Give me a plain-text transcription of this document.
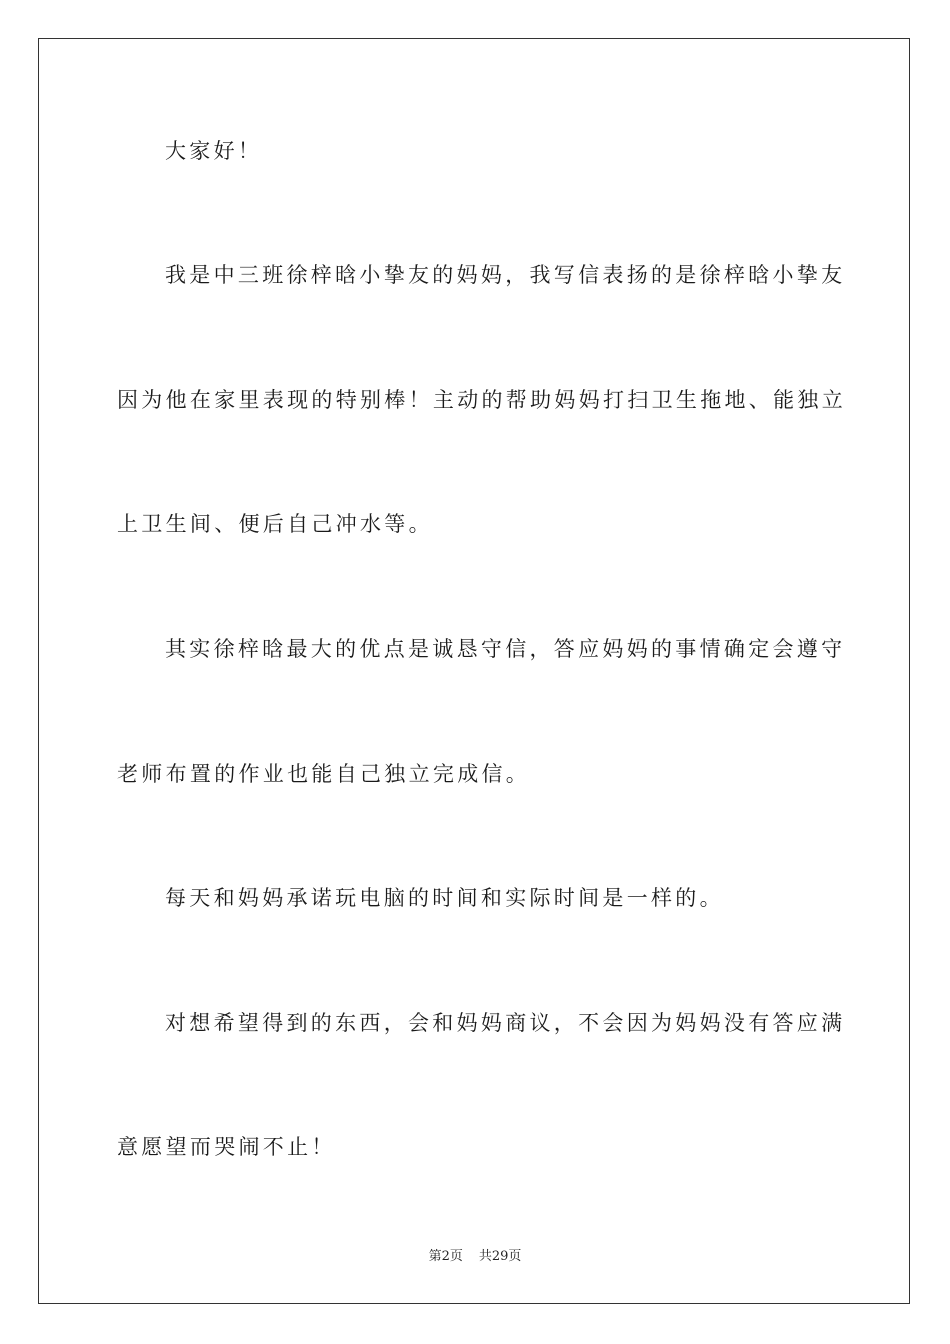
大家好！
我是中三班徐梓晗小挚友的妈妈，我写信表扬的是徐梓晗小挚友
因为他在家里表现的特别棒！主动的帮助妈妈打扫卫生拖地、能独立
上卫生间、便后自己冲水等。
其实徐梓晗最大的优点是诚恳守信，答应妈妈的事情确定会遵守
老师布置的作业也能自己独立完成信。
每天和妈妈承诺玩电脑的时间和实际时间是一样的。
对想希望得到的东西，会和妈妈商议，不会因为妈妈没有答应满
意愿望而哭闹不止！
第2页 共29页
